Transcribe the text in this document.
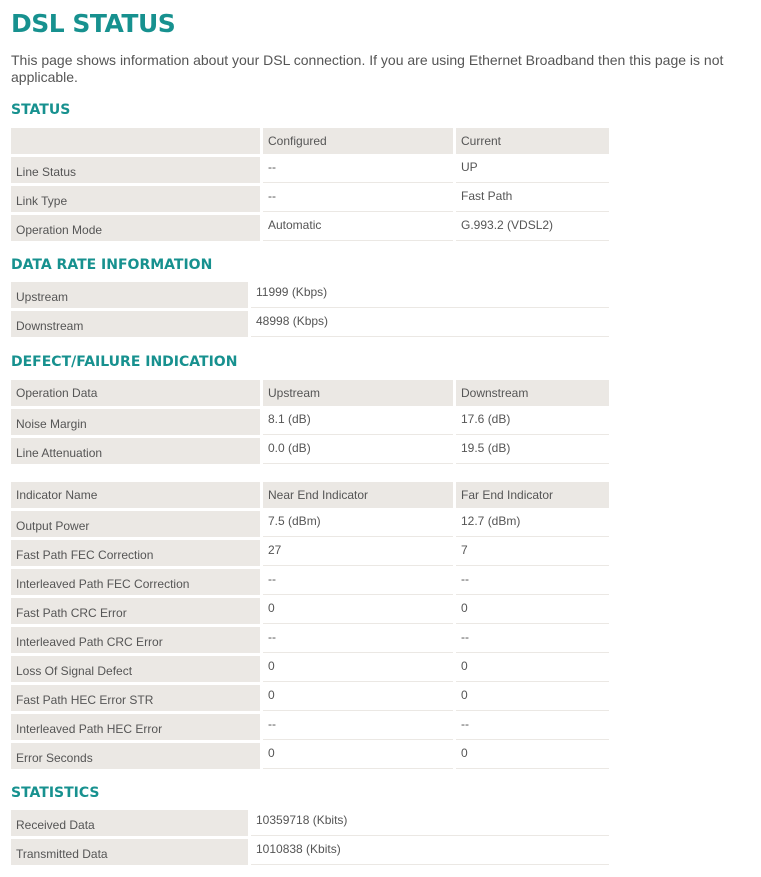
DSL STATUS

This page shows information about your DSL connection. If you are using Ethernet Broadband then this page is not applicable.

STATUS

	Configured	Current

Line Status	--	UP

Link Type	--	Fast Path

Operation Mode	Automatic	G.993.2 (VDSL2)
DATA RATE INFORMATION
Upstream	11999 (Kbps)

Downstream	48998 (Kbps)
DEFECT/FAILURE INDICATION
Operation Data	Upstream	Downstream

Noise Margin	8.1 (dB)	17.6 (dB)

Line Attenuation	0.0 (dB)	19.5 (dB)
Indicator Name	Near End Indicator	Far End Indicator

Output Power	7.5 (dBm)	12.7 (dBm)

Fast Path FEC Correction	27	7

Interleaved Path FEC Correction	--	--

Fast Path CRC Error	0	0

Interleaved Path CRC Error	--	--

Loss Of Signal Defect	0	0

Fast Path HEC Error STR	0	0

Interleaved Path HEC Error	--	--

Error Seconds	0	0
STATISTICS
Received Data	10359718 (Kbits)

Transmitted Data	1010838 (Kbits)
